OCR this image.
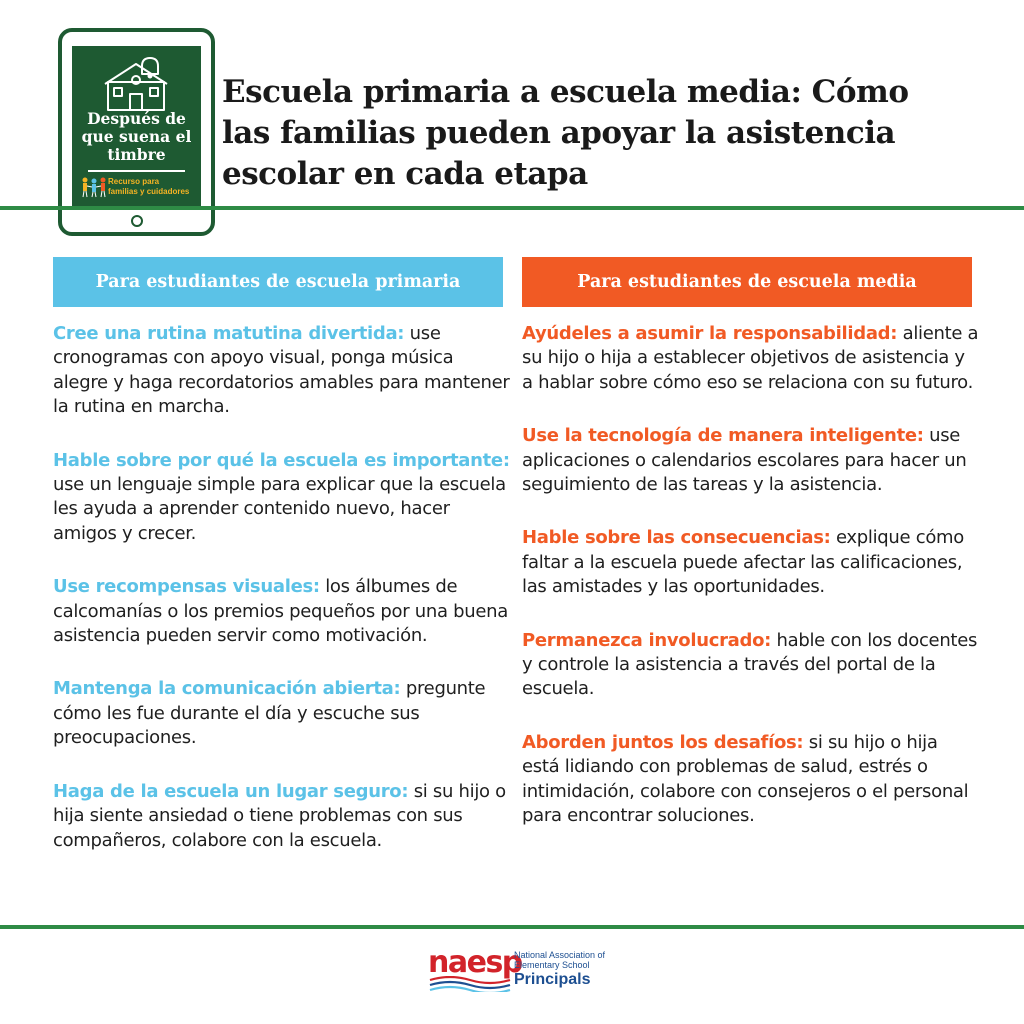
Después de
que suena el
timbre
Recurso para
familias y cuidadores
Escuela primaria a escuela media: Cómo las familias pueden apoyar la asistencia escolar en cada etapa
Para estudiantes de escuela primaria	Para estudiantes de escuela media

Cree una rutina matutina divertida: use cronogramas con apoyo visual, ponga música alegre y haga recordatorios amables para mantener la rutina en marcha.

Hable sobre por qué la escuela es importante: use un lenguaje simple para explicar que la escuela les ayuda a aprender contenido nuevo, hacer amigos y crecer.

Use recompensas visuales: los álbumes de calcomanías o los premios pequeños por una buena asistencia pueden servir como motivación.

Mantenga la comunicación abierta: pregunte cómo les fue durante el día y escuche sus preocupaciones.

Haga de la escuela un lugar seguro: si su hijo o hija siente ansiedad o tiene problemas con sus compañeros, colabore con la escuela.

Ayúdeles a asumir la responsabilidad: aliente a su hijo o hija a establecer objetivos de asistencia y a hablar sobre cómo eso se relaciona con su futuro.

Use la tecnología de manera inteligente: use aplicaciones o calendarios escolares para hacer un seguimiento de las tareas y la asistencia.

Hable sobre las consecuencias: explique cómo faltar a la escuela puede afectar las calificaciones, las amistades y las oportunidades.

Permanezca involucrado: hable con los docentes y controle la asistencia a través del portal de la escuela.

Aborden juntos los desafíos: si su hijo o hija está lidiando con problemas de salud, estrés o intimidación, colabore con consejeros o el personal para encontrar soluciones.

naesp
National Association of
Elementary School
Principals
